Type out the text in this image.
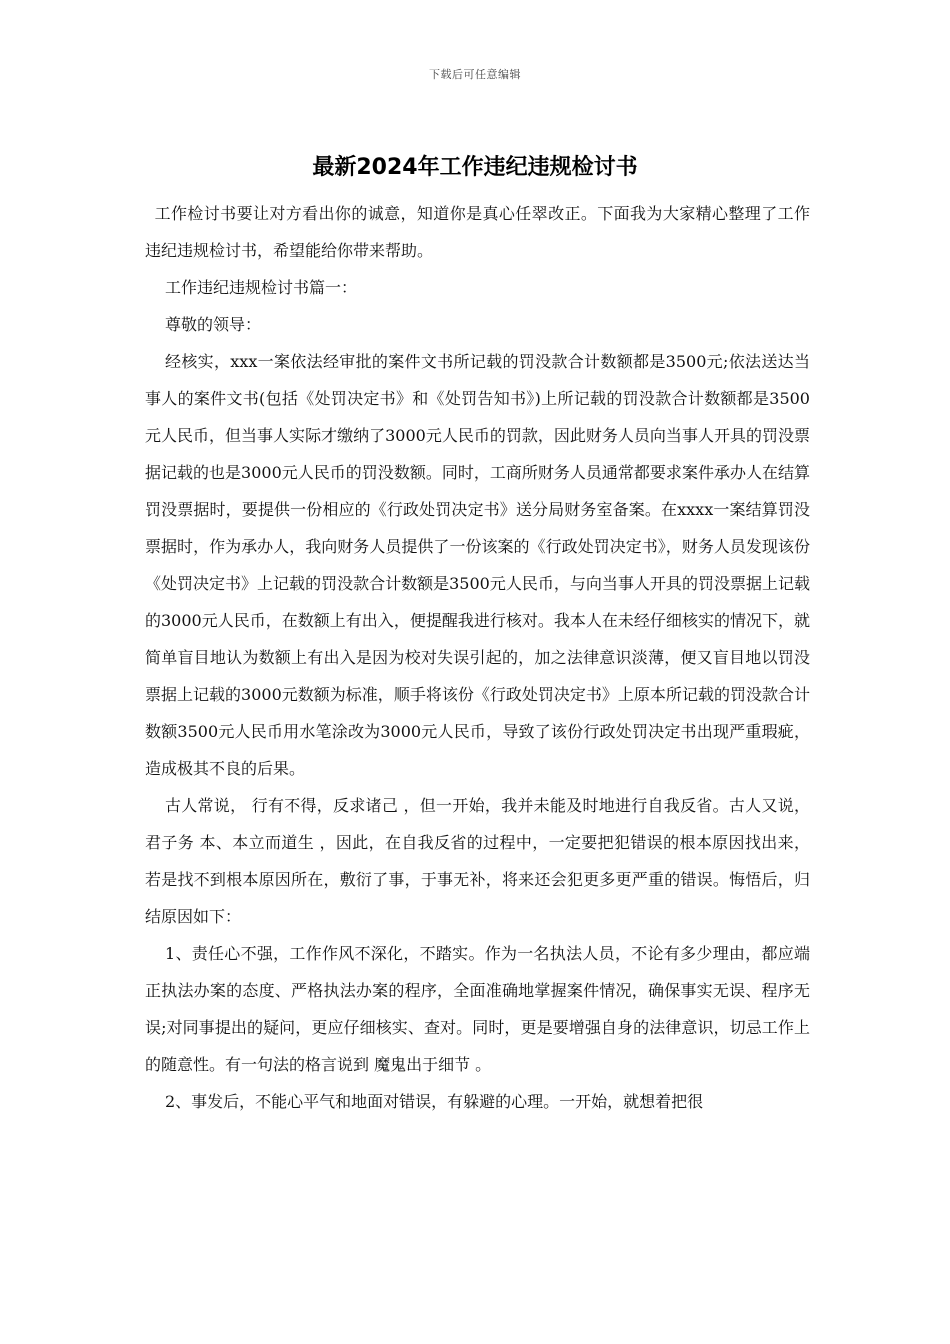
下载后可任意编辑
最新2024年工作违纪违规检讨书

工作检讨书要让对方看出你的诚意，知道你是真心任翠改正。下面我为大家精心整理了工作违纪违规检讨书，希望能给你带来帮助。

工作违纪违规检讨书篇一：

尊敬的领导：

经核实，xxx一案依法经审批的案件文书所记载的罚没款合计数额都是3500元;依法送达当事人的案件文书(包括《处罚决定书》和《处罚告知书》)上所记载的罚没款合计数额都是3500元人民币，但当事人实际才缴纳了3000元人民币的罚款，因此财务人员向当事人开具的罚没票据记载的也是3000元人民币的罚没数额。同时，工商所财务人员通常都要求案件承办人在结算罚没票据时，要提供一份相应的《行政处罚决定书》送分局财务室备案。在xxxx一案结算罚没票据时，作为承办人，我向财务人员提供了一份该案的《行政处罚决定书》，财务人员发现该份《处罚决定书》上记载的罚没款合计数额是3500元人民币，与向当事人开具的罚没票据上记载的3000元人民币，在数额上有出入，便提醒我进行核对。我本人在未经仔细核实的情况下，就简单盲目地认为数额上有出入是因为校对失误引起的，加之法律意识淡薄，便又盲目地以罚没票据上记载的3000元数额为标准，顺手将该份《行政处罚决定书》上原本所记载的罚没款合计数额3500元人民币用水笔涂改为3000元人民币，导致了该份行政处罚决定书出现严重瑕疵，造成极其不良的后果。

古人常说， 行有不得，反求诸己 ，但一开始，我并未能及时地进行自我反省。古人又说， 君子务 本、本立而道生 ，因此，在自我反省的过程中，一定要把犯错误的根本原因找出来，若是找不到根本原因所在，敷衍了事，于事无补，将来还会犯更多更严重的错误。悔悟后，归结原因如下：

1、责任心不强，工作作风不深化，不踏实。作为一名执法人员，不论有多少理由，都应端正执法办案的态度、严格执法办案的程序，全面准确地掌握案件情况，确保事实无误、程序无误;对同事提出的疑问，更应仔细核实、查对。同时，更是要增强自身的法律意识，切忌工作上的随意性。有一句法的格言说到 魔鬼出于细节 。

2、事发后，不能心平气和地面对错误，有躲避的心理。一开始，就想着把很
